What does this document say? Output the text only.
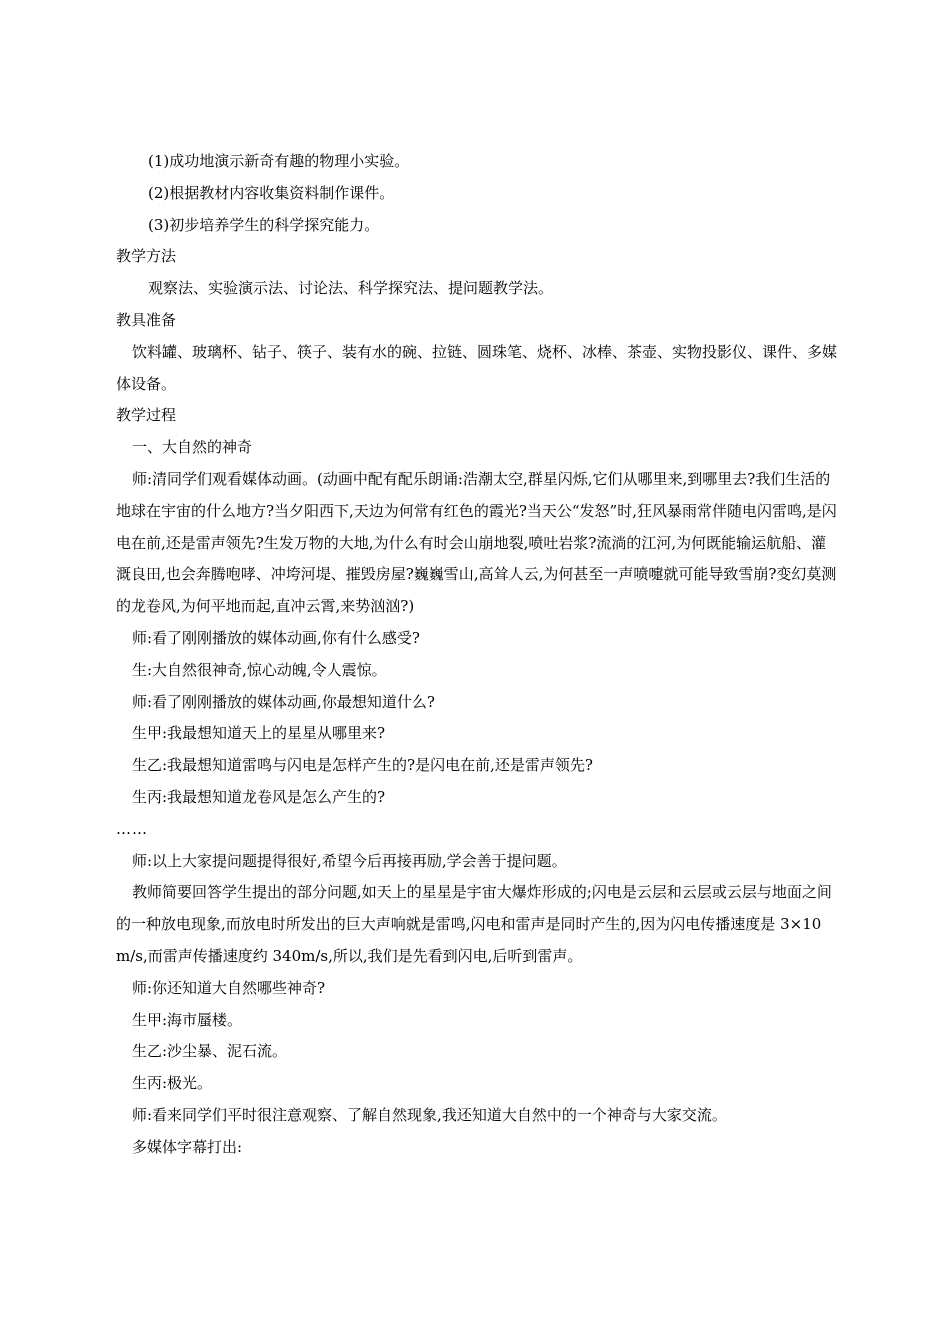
(1)成功地演示新奇有趣的物理小实验。

(2)根据教材内容收集资料制作课件。

(3)初步培养学生的科学探究能力。

教学方法

观察法、实验演示法、讨论法、科学探究法、提问题教学法。

教具准备

饮料罐、玻璃杯、钻子、筷子、装有水的碗、拉链、圆珠笔、烧杯、冰棒、茶壶、实物投影仪、课件、多媒体设备。

教学过程

一、大自然的神奇

师:清同学们观看媒体动画。(动画中配有配乐朗诵:浩潮太空,群星闪烁,它们从哪里来,到哪里去?我们生活的地球在宇宙的什么地方?当夕阳西下,天边为何常有红色的霞光?当天公“发怒”时,狂风暴雨常伴随电闪雷鸣,是闪电在前,还是雷声领先?生发万物的大地,为什么有时会山崩地裂,喷吐岩浆?流淌的江河,为何既能输运航船、灌溉良田,也会奔腾咆哮、冲垮河堤、摧毁房屋?巍巍雪山,高耸人云,为何甚至一声喷嚏就可能导致雪崩?变幻莫测的龙卷风,为何平地而起,直冲云霄,来势汹汹?)

师:看了刚刚播放的媒体动画,你有什么感受?

生:大自然很神奇,惊心动魄,令人震惊。

师:看了刚刚播放的媒体动画,你最想知道什么?

生甲:我最想知道天上的星星从哪里来?

生乙:我最想知道雷鸣与闪电是怎样产生的?是闪电在前,还是雷声领先?

生丙:我最想知道龙卷风是怎么产生的?

……

师:以上大家提问题提得很好,希望今后再接再励,学会善于提问题。

教师简要回答学生提出的部分问题,如天上的星星是宇宙大爆炸形成的;闪电是云层和云层或云层与地面之间的一种放电现象,而放电时所发出的巨大声响就是雷鸣,闪电和雷声是同时产生的,因为闪电传播速度是 3×10m/s,而雷声传播速度约 340m/s,所以,我们是先看到闪电,后听到雷声。

师:你还知道大自然哪些神奇?

生甲:海市蜃楼。

生乙:沙尘暴、泥石流。

生丙:极光。

师:看来同学们平时很注意观察、了解自然现象,我还知道大自然中的一个神奇与大家交流。

多媒体字幕打出:
